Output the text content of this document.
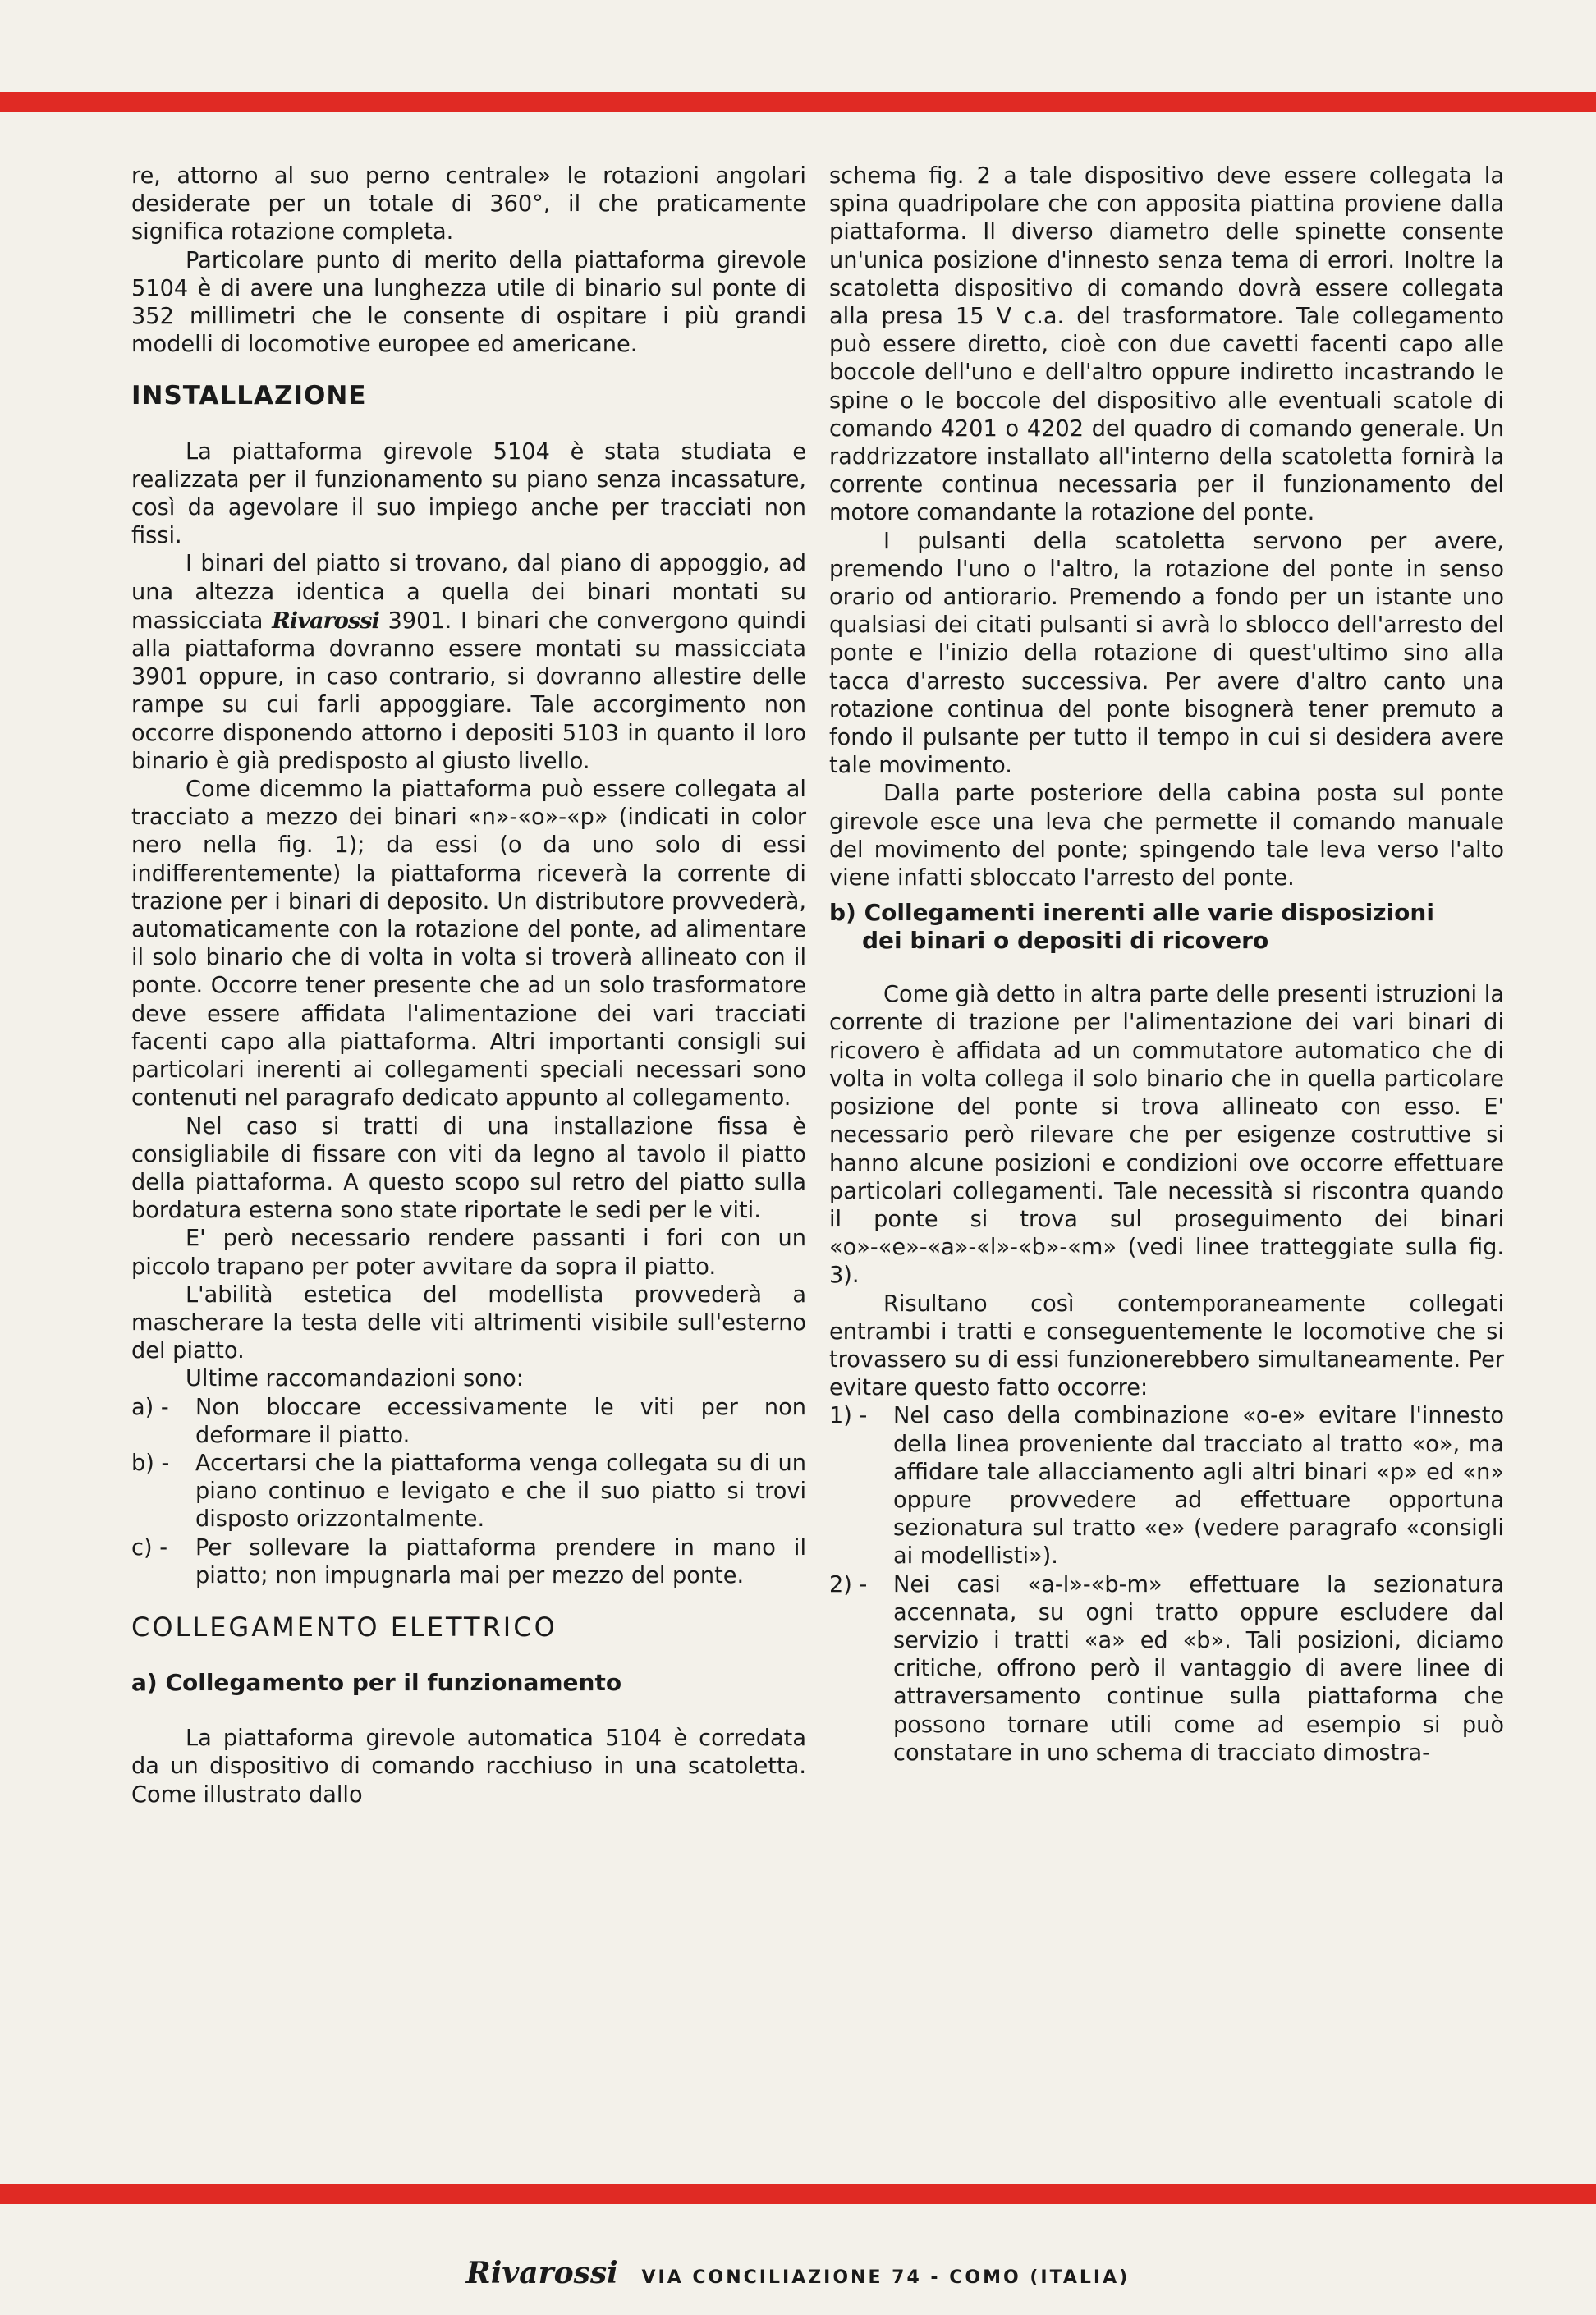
re, attorno al suo perno centrale» le rotazioni angolari desiderate per un totale di 360°, il che praticamente significa rotazione completa.

Particolare punto di merito della piattaforma girevole 5104 è di avere una lunghezza utile di binario sul ponte di 352 millimetri che le consente di ospitare i più grandi modelli di locomotive europee ed americane.

INSTALLAZIONE

La piattaforma girevole 5104 è stata studiata e realizzata per il funzionamento su piano senza incassature, così da agevolare il suo impiego anche per tracciati non fissi.

I binari del piatto si trovano, dal piano di appoggio, ad una altezza identica a quella dei binari montati su massicciata Rivarossi 3901. I binari che convergono quindi alla piattaforma dovranno essere montati su massicciata 3901 oppure, in caso contrario, si dovranno allestire delle rampe su cui farli appoggiare. Tale accorgimento non occorre disponendo attorno i depositi 5103 in quanto il loro binario è già predisposto al giusto livello.

Come dicemmo la piattaforma può essere collegata al tracciato a mezzo dei binari «n»-«o»-«p» (indicati in color nero nella fig. 1); da essi (o da uno solo di essi indifferentemente) la piattaforma riceverà la corrente di trazione per i binari di deposito. Un distributore provvederà, automaticamente con la rotazione del ponte, ad alimentare il solo binario che di volta in volta si troverà allineato con il ponte. Occorre tener presente che ad un solo trasformatore deve essere affidata l'alimentazione dei vari tracciati facenti capo alla piattaforma. Altri importanti consigli sui particolari inerenti ai collegamenti speciali necessari sono contenuti nel paragrafo dedicato appunto al collegamento.

Nel caso si tratti di una installazione fissa è consigliabile di fissare con viti da legno al tavolo il piatto della piattaforma. A questo scopo sul retro del piatto sulla bordatura esterna sono state riportate le sedi per le viti.

E' però necessario rendere passanti i fori con un piccolo trapano per poter avvitare da sopra il piatto.

L'abilità estetica del modellista provvederà a mascherare la testa delle viti altrimenti visibile sull'esterno del piatto.

Ultime raccomandazioni sono:

a) -	Non bloccare eccessivamente le viti per non deformare il piatto.
b) -	Accertarsi che la piattaforma venga collegata su di un piano continuo e levigato e che il suo piatto si trovi disposto orizzontalmente.
c) -	Per sollevare la piattaforma prendere in mano il piatto; non impugnarla mai per mezzo del ponte.
COLLEGAMENTO ELETTRICO
a) Collegamento per il funzionamento

La piattaforma girevole automatica 5104 è corredata da un dispositivo di comando racchiuso in una scatoletta. Come illustrato dallo

schema fig. 2 a tale dispositivo deve essere collegata la spina quadripolare che con apposita piattina proviene dalla piattaforma. Il diverso diametro delle spinette consente un'unica posizione d'innesto senza tema di errori. Inoltre la scatoletta dispositivo di comando dovrà essere collegata alla presa 15 V c.a. del trasformatore. Tale collegamento può essere diretto, cioè con due cavetti facenti capo alle boccole dell'uno e dell'altro oppure indiretto incastrando le spine o le boccole del dispositivo alle eventuali scatole di comando 4201 o 4202 del quadro di comando generale. Un raddrizzatore installato all'interno della scatoletta fornirà la corrente continua necessaria per il funzionamento del motore comandante la rotazione del ponte.

I pulsanti della scatoletta servono per avere, premendo l'uno o l'altro, la rotazione del ponte in senso orario od antiorario. Premendo a fondo per un istante uno qualsiasi dei citati pulsanti si avrà lo sblocco dell'arresto del ponte e l'inizio della rotazione di quest'ultimo sino alla tacca d'arresto successiva. Per avere d'altro canto una rotazione continua del ponte bisognerà tener premuto a fondo il pulsante per tutto il tempo in cui si desidera avere tale movimento.

Dalla parte posteriore della cabina posta sul ponte girevole esce una leva che permette il comando manuale del movimento del ponte; spingendo tale leva verso l'alto viene infatti sbloccato l'arresto del ponte.

b) Collegamenti inerenti alle varie disposizioni
dei binari o depositi di ricovero

Come già detto in altra parte delle presenti istruzioni la corrente di trazione per l'alimentazione dei vari binari di ricovero è affidata ad un commutatore automatico che di volta in volta collega il solo binario che in quella particolare posizione del ponte si trova allineato con esso. E' necessario però rilevare che per esigenze costruttive si hanno alcune posizioni e condizioni ove occorre effettuare particolari collegamenti. Tale necessità si riscontra quando il ponte si trova sul proseguimento dei binari «o»-«e»-«a»-«l»-«b»-«m» (vedi linee tratteggiate sulla fig. 3).

Risultano così contemporaneamente collegati entrambi i tratti e conseguentemente le locomotive che si trovassero su di essi funzionerebbero simultaneamente. Per evitare questo fatto occorre:

1) -	Nel caso della combinazione «o-e» evitare l'innesto della linea proveniente dal tracciato al tratto «o», ma affidare tale allacciamento agli altri binari «p» ed «n» oppure provvedere ad effettuare opportuna sezionatura sul tratto «e» (vedere paragrafo «consigli ai modellisti»).
2) -	Nei casi «a-l»-«b-m» effettuare la sezionatura accennata, su ogni tratto oppure escludere dal servizio i tratti «a» ed «b». Tali posizioni, diciamo critiche, offrono però il vantaggio di avere linee di attraversamento continue sulla piattaforma che possono tornare utili come ad esempio si può constatare in uno schema di tracciato dimostra-
Rivarossi VIA CONCILIAZIONE 74 - COMO (ITALIA)
